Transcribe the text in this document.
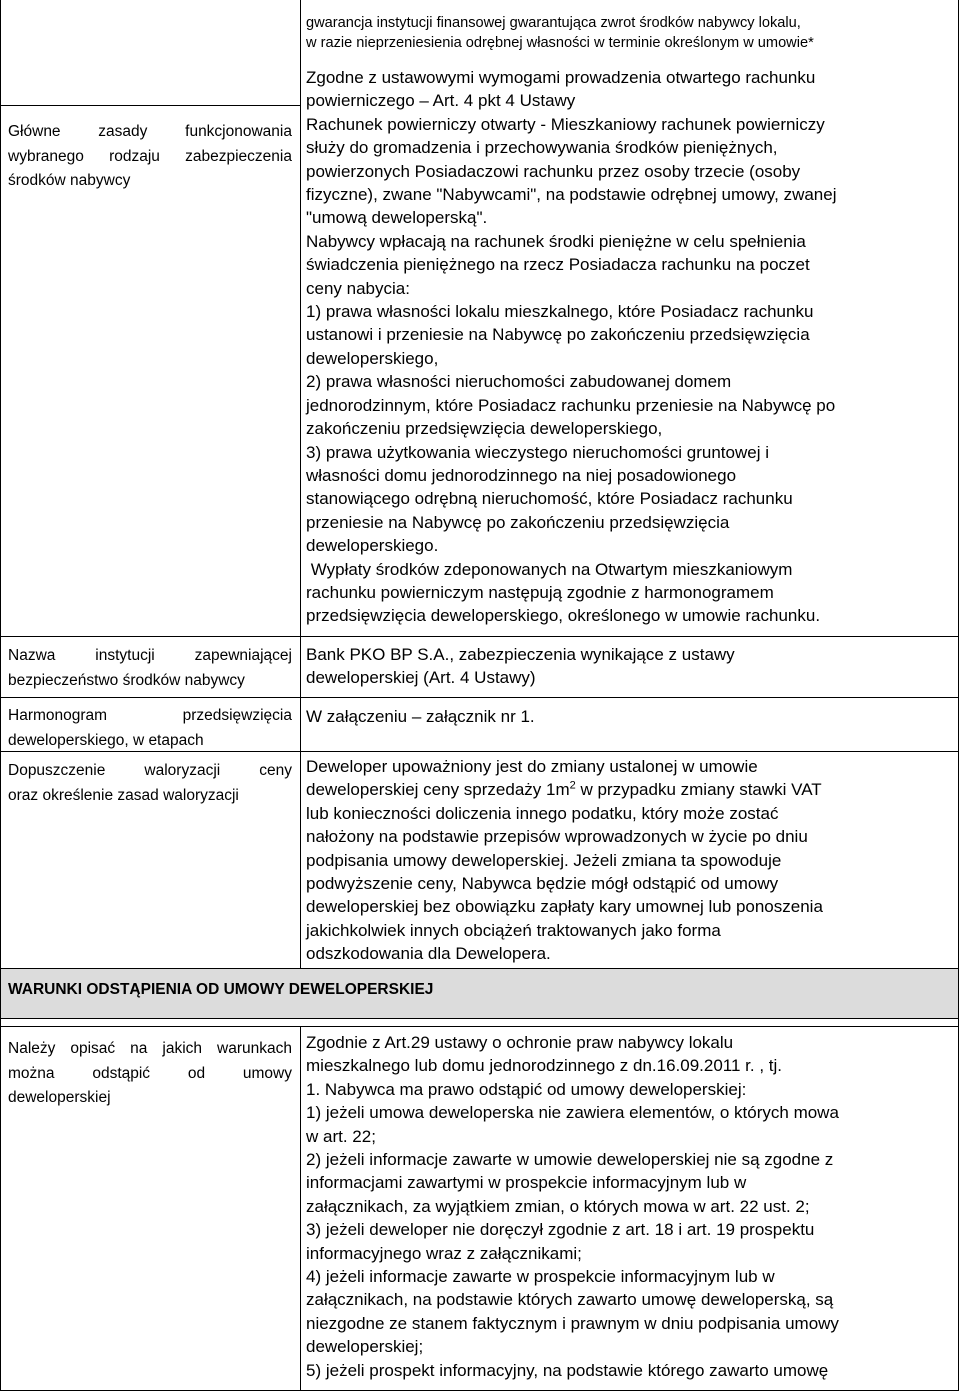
gwarancja instytucji finansowej gwarantująca zwrot środków nabywcy lokalu,

w razie nieprzeniesienia odrębnej własności w terminie określonym w umowie*

Główne zasady funkcjonowania

wybranego rodzaju zabezpieczenia

środków nabywcy

Zgodne z ustawowymi wymogami prowadzenia otwartego rachunku

powierniczego – Art. 4 pkt 4 Ustawy

Rachunek powierniczy otwarty - Mieszkaniowy rachunek powierniczy

służy do gromadzenia i przechowywania środków pieniężnych,

powierzonych Posiadaczowi rachunku przez osoby trzecie (osoby

fizyczne), zwane "Nabywcami", na podstawie odrębnej umowy, zwanej

"umową deweloperską".

Nabywcy wpłacają na rachunek środki pieniężne w celu spełnienia

świadczenia pieniężnego na rzecz Posiadacza rachunku na poczet

ceny nabycia:

1) prawa własności lokalu mieszkalnego, które Posiadacz rachunku

ustanowi i przeniesie na Nabywcę po zakończeniu przedsięwzięcia

deweloperskiego,

2) prawa własności nieruchomości zabudowanej domem

jednorodzinnym, które Posiadacz rachunku przeniesie na Nabywcę po

zakończeniu przedsięwzięcia deweloperskiego,

3) prawa użytkowania wieczystego nieruchomości gruntowej i

własności domu jednorodzinnego na niej posadowionego

stanowiącego odrębną nieruchomość, które Posiadacz rachunku

przeniesie na Nabywcę po zakończeniu przedsięwzięcia

deweloperskiego.

Wypłaty środków zdeponowanych na Otwartym mieszkaniowym

rachunku powierniczym następują zgodnie z harmonogramem

przedsięwzięcia deweloperskiego, określonego w umowie rachunku.

Nazwa instytucji zapewniającej

bezpieczeństwo środków nabywcy

Bank PKO BP S.A., zabezpieczenia wynikające z ustawy

deweloperskiej (Art. 4 Ustawy)

Harmonogram przedsięwzięcia

deweloperskiego, w etapach

W załączeniu – załącznik nr 1.

Dopuszczenie waloryzacji ceny

oraz określenie zasad waloryzacji

Deweloper upoważniony jest do zmiany ustalonej w umowie

deweloperskiej ceny sprzedaży $1m^2$ w przypadku zmiany stawki VAT

lub konieczności doliczenia innego podatku, który może zostać

nałożony na podstawie przepisów wprowadzonych w życie po dniu

podpisania umowy deweloperskiej. Jeżeli zmiana ta spowoduje

podwyższenie ceny, Nabywca będzie mógł odstąpić od umowy

deweloperskiej bez obowiązku zapłaty kary umownej lub ponoszenia

jakichkolwiek innych obciążeń traktowanych jako forma

odszkodowania dla Dewelopera.

WARUNKI ODSTĄPIENIA OD UMOWY DEWELOPERSKIEJ

Należy opisać na jakich warunkach

można odstąpić od umowy

deweloperskiej

Zgodnie z Art.29 ustawy o ochronie praw nabywcy lokalu

mieszkalnego lub domu jednorodzinnego z dn.16.09.2011 r. , tj.

1. Nabywca ma prawo odstąpić od umowy deweloperskiej:

1) jeżeli umowa deweloperska nie zawiera elementów, o których mowa

w art. 22;

2) jeżeli informacje zawarte w umowie deweloperskiej nie są zgodne z

informacjami zawartymi w prospekcie informacyjnym lub w

załącznikach, za wyjątkiem zmian, o których mowa w art. 22 ust. 2;

3) jeżeli deweloper nie doręczył zgodnie z art. 18 i art. 19 prospektu

informacyjnego wraz z załącznikami;

4) jeżeli informacje zawarte w prospekcie informacyjnym lub w

załącznikach, na podstawie których zawarto umowę deweloperską, są

niezgodne ze stanem faktycznym i prawnym w dniu podpisania umowy

deweloperskiej;

5) jeżeli prospekt informacyjny, na podstawie którego zawarto umowę
